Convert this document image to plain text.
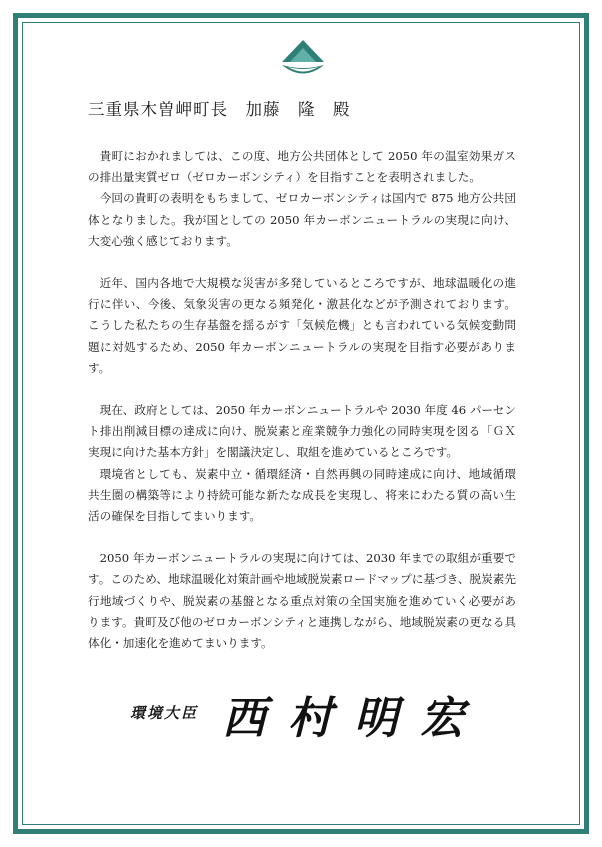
三重県木曽岬町長　加藤　隆　殿

貴町におかれましては、この度、地方公共団体として 2050 年の温室効果ガスの排出量実質ゼロ（ゼロカーボンシティ）を目指すことを表明されました。

今回の貴町の表明をもちまして、ゼロカーボンシティは国内で 875 地方公共団体となりました。我が国としての 2050 年カーボンニュートラルの実現に向け、大変心強く感じております。

近年、国内各地で大規模な災害が多発しているところですが、地球温暖化の進行に伴い、今後、気象災害の更なる頻発化・激甚化などが予測されております。こうした私たちの生存基盤を揺るがす「気候危機」とも言われている気候変動問題に対処するため、2050 年カーボンニュートラルの実現を目指す必要があります。

現在、政府としては、2050 年カーボンニュートラルや 2030 年度 46 パーセント排出削減目標の達成に向け、脱炭素と産業競争力強化の同時実現を図る「ＧＸ実現に向けた基本方針」を閣議決定し、取組を進めているところです。

環境省としても、炭素中立・循環経済・自然再興の同時達成に向け、地域循環共生圏の構築等により持続可能な新たな成長を実現し、将来にわたる質の高い生活の確保を目指してまいります。

2050 年カーボンニュートラルの実現に向けては、2030 年までの取組が重要です。このため、地球温暖化対策計画や地域脱炭素ロードマップに基づき、脱炭素先行地域づくりや、脱炭素の基盤となる重点対策の全国実施を進めていく必要があります。貴町及び他のゼロカーボンシティと連携しながら、地域脱炭素の更なる具体化・加速化を進めてまいります。

環境大臣 西村明宏
